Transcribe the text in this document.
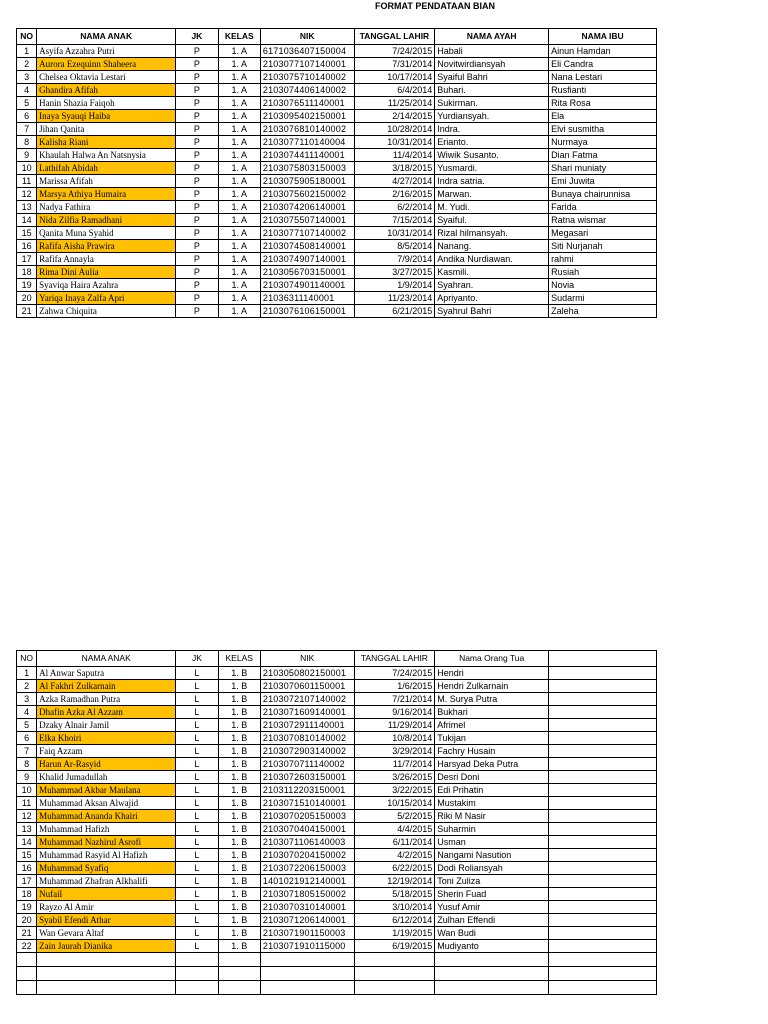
FORMAT PENDATAAN BIAN
NO	NAMA ANAK	JK	KELAS	NIK	TANGGAL LAHIR	NAMA AYAH	NAMA IBU
1	Asyifa Azzahra Putri	P	1. A	6171036407150004	7/24/2015	Habali	Ainun Hamdan
2	Aurora Ezequinn Shaheera	P	1. A	2103077107140001	7/31/2014	Novitwirdiansyah	Eli Candra
3	Chelsea Oktavia Lestari	P	1. A	2103075710140002	10/17/2014	Syaiful Bahri	Nana Lestari
4	Ghandira Afifah	P	1. A	2103074406140002	6/4/2014	Buhari.	Rusfianti
5	Hanin Shazia Faiqoh	P	1. A	2103076511140001	11/25/2014	Sukirman.	Rita Rosa
6	Inaya Syauqi Haiba	P	1. A	2103095402150001	2/14/2015	Yurdiansyah.	Ela
7	Jihan Qanita	P	1. A	2103076810140002	10/28/2014	Indra.	Elvi susmitha
8	Kalisha Riani	P	1. A	2103077110140004	10/31/2014	Erianto.	Nurmaya
9	Khaulah Halwa An Natsnysia	P	1. A	2103074411140001	11/4/2014	Wiwik Susanto.	Dian Fatma
10	Lathifah Abidah	P	1. A	2103075803150003	3/18/2015	Yusmardi.	Shari muniaty
11	Marissa Afifah	P	1. A	2103075905180001	4/27/2014	Indra satria.	Emi Juwita
12	Marsya Athiya Humaira	P	1. A	2103075602150002	2/16/2015	Marwan.	Bunaya chairunnisa
13	Nadya Fathira	P	1. A	2103074206140001	6/2/2014	M. Yudi.	Farida
14	Nida Zilfia Ramadhani	P	1. A	2103075507140001	7/15/2014	Syaiful.	Ratna wismar
15	Qanita Muna Syahid	P	1. A	2103077107140002	10/31/2014	Rizal hilmansyah.	Megasari
16	Rafifa Aisha Prawira	P	1. A	2103074508140001	8/5/2014	Nanang.	Siti Nurjanah
17	Rafifa Annayla	P	1. A	2103074907140001	7/9/2014	Andika Nurdiawan.	rahmi
18	Rima Dini Aulia	P	1. A	2103056703150001	3/27/2015	Kasmili.	Rusiah
19	Syaviqa Haira Azahra	P	1. A	2103074901140001	1/9/2014	Syahran.	Novia
20	Yariqa Inaya Zalfa Apri	P	1. A	21036311140001	11/23/2014	Apriyanto.	Sudarmi
21	Zahwa Chiquita	P	1. A	2103076106150001	6/21/2015	Syahrul Bahri	Zaleha
NO	NAMA ANAK	JK	KELAS	NIK	TANGGAL LAHIR	Nama Orang Tua	
1	Al Anwar Saputra	L	1. B	2103050802150001	7/24/2015	Hendri	
2	Al Fakhri Zulkarnain	L	1. B	2103070601150001	1/6/2015	Hendri Zulkarnain	
3	Azka Ramadhan Putra	L	1. B	2103072107140002	7/21/2014	M. Surya Putra	
4	Dhafin Azka Al Azzam	L	1. B	2103071609140001	9/16/2014	Bukhari	
5	Dzaky Alnair Jamil	L	1. B	2103072911140001	11/29/2014	Afrimel	
6	Elka Khoiri	L	1. B	2103070810140002	10/8/2014	Tukijan	
7	Faiq Azzam	L	1. B	2103072903140002	3/29/2014	Fachry Husain	
8	Harun Ar-Rasyid	L	1. B	2103070711140002	11/7/2014	Harsyad Deka Putra	
9	Khalid Jumadullah	L	1. B	2103072603150001	3/26/2015	Desri Doni	
10	Muhammad Akbar Maulana	L	1. B	2103112203150001	3/22/2015	Edi Prihatin	
11	Muhammad Aksan Alwajid	L	1. B	2103071510140001	10/15/2014	Mustakim	
12	Muhammad Ananda Khairi	L	1. B	2103070205150003	5/2/2015	Riki M Nasir	
13	Muhammad Hafizh	L	1. B	2103070404150001	4/4/2015	Suharmin	
14	Muhammad Nazhirul Asrofi	L	1. B	2103071106140003	6/11/2014	Usman	
15	Muhammad Rasyid Al Hafizh	L	1. B	2103070204150002	4/2/2015	Nangami Nasution	
16	Muhammad Syafiq	L	1. B	2103072206150003	6/22/2015	Dodi Roliansyah	
17	Muhammad Zhafran Alkhalifi	L	1. B	1401021912140001	12/19/2014	Toni Zuliza	
18	Nufail	L	1. B	2103071805150002	5/18/2015	Sherin Fuad	
19	Rayzo Al Amir	L	1. B	2103070310140001	3/10/2014	Yusuf Amir	
20	Syabil Efendi Athar	L	1. B	2103071206140001	6/12/2014	Zulhan Effendi	
21	Wan Gevara Altaf	L	1. B	2103071901150003	1/19/2015	Wan Budi	
22	Zain Jaurah Dianika	L	1. B	2103071910115000	6/19/2015	Mudiyanto	
